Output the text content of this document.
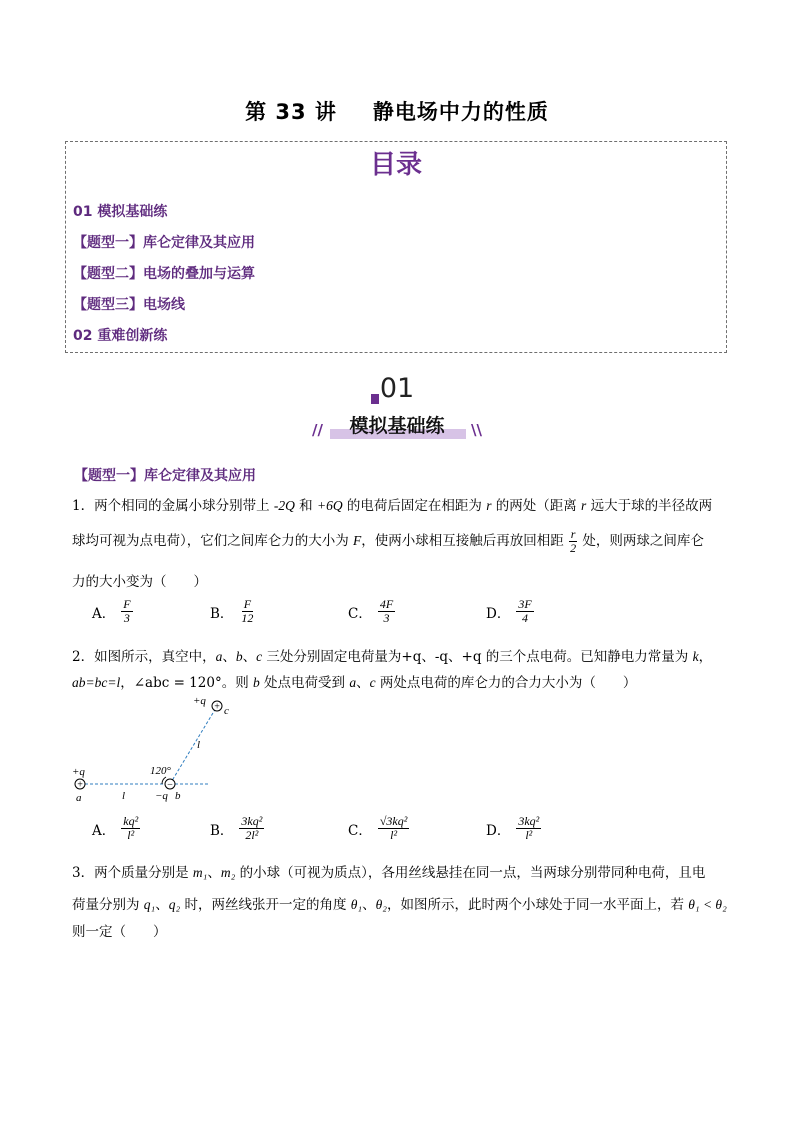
第 33 讲 静电场中力的性质
目录
01 模拟基础练
【题型一】库仑定律及其应用
【题型二】电场的叠加与运算
【题型三】电场线
02 重难创新练
01
//	模拟基础练	\\
【题型一】库仑定律及其应用
1．两个相同的金属小球分别带上 -2Q 和 +6Q 的电荷后固定在相距为 r 的两处（距离 r 远大于球的半径故两
球均可视为点电荷），它们之间库仑力的大小为 F，使两小球相互接触后再放回相距 $\frac{r}{2}$ 处，则两球之间库仑
力的大小变为（　　）
A． $\frac{F}{3}$	B． $\frac{F}{12}$	C． $\frac{4F}{3}$	D． $\frac{3F}{4}$
2．如图所示，真空中，a、b、c 三处分别固定电荷量为+q、-q、+q 的三个点电荷。已知静电力常量为 k，
ab=bc=l，∠abc = 120°。则 b 处点电荷受到 a、c 两处点电荷的库仑力的合力大小为（　　）
+	−
+
+q
c
l
120°
+q
a	l	−q b
A． $\frac{\text{kq²}}{\text{l²}}$	B． $\frac{\text{3kq²}}{\text{2l²}}$	C． $\frac{\text{√3kq²}}{\text{l²}}$	D． $\frac{\text{3kq²}}{\text{l²}}$
3．两个质量分别是 m₁、m₂ 的小球（可视为质点），各用丝线悬挂在同一点，当两球分别带同种电荷，且电
荷量分别为 q₁、q₂ 时，两丝线张开一定的角度 θ₁、θ₂，如图所示，此时两个小球处于同一水平面上，若 θ₁ < θ₂
则一定（　　）
